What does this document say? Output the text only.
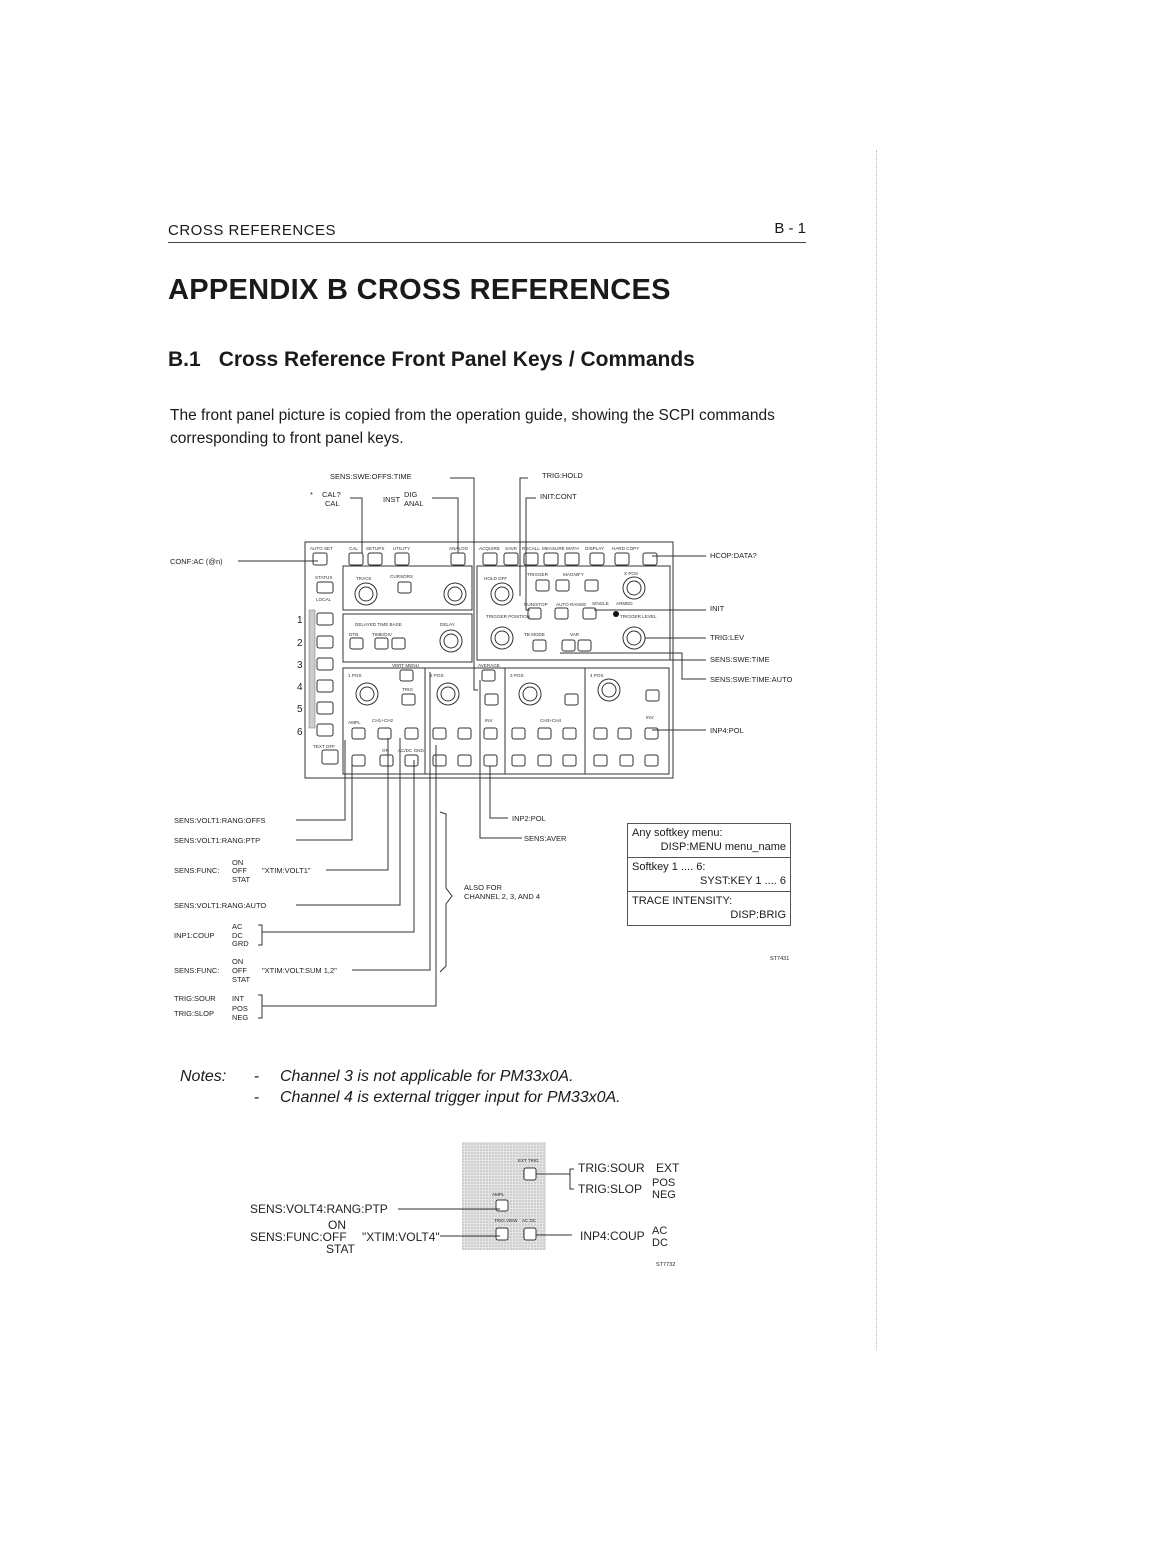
CROSS REFERENCES	B - 1
APPENDIX B CROSS REFERENCES
B.1 Cross Reference Front Panel Keys / Commands
The front panel picture is copied from the operation guide, showing the SCPI commands corresponding to front panel keys.
SENS:SWE:OFFS:TIME
* CAL?
CAL	INST
DIG
ANAL
TRIG:HOLD
INIT:CONT
CONF:AC (@n)
HCOP:DATA?
INIT
TRIG:LEV
SENS:SWE:TIME
SENS:SWE:TIME:AUTO
INP4:POL
INP2:POL
SENS:AVER
SENS:VOLT1:RANG:OFFS
SENS:VOLT1:RANG:PTP
ON
SENS:FUNC: OFF "XTIM:VOLT1"
STAT
SENS:VOLT1:RANG:AUTO
AC
INP1:COUP DC
GRD
ON
SENS:FUNC: OFF "XTIM:VOLT:SUM 1,2"
STAT
TRIG:SOUR INT
TRIG:SLOP
POS
NEG
ALSO FOR
CHANNEL 2, 3, AND 4
ST7431
1
2
3
4
5
6
AUTO SET	CAL SETUPS UTILITY	ANALOG ACQUIRE SAVE RECALL MEASURE MATH DISPLAY HARD COPY
STATUS
LOCAL
TRACK	CURSORS	HOLD OFF
TRIGGER	MAGNIFY	X POS
RUN/STOP AUTO RANGE SINGLE ARMED
TRIGGER LEVEL
DELAYED TIME BASE	DELAY
DTB	TIME/DIV
TRIGGER POSITION
TB MODE	VAR
TEXT OFF
VERT MENU	AVERAGE
TRIG
1 POS	2 POS	3 POS	4 POS
AMPL CH1+CH2	INV	CH3+CH4
INV
ON AC/DC GND
Any softkey menu:
DISP:MENU menu_name
Softkey 1 .... 6:
SYST:KEY 1 .... 6
TRACE INTENSITY:
DISP:BRIG
Notes: - Channel 3 is not applicable for PM33x0A.
- Channel 4 is external trigger input for PM33x0A.
EXT TRIG
AMPL
TRIG VIEW AC DC
TRIG:SOUR EXT
TRIG:SLOP POS
NEG
SENS:VOLT4:RANG:PTP
ON
SENS:FUNC:OFF "XTIM:VOLT4"
STAT
INP4:COUP AC
DC
ST7732
